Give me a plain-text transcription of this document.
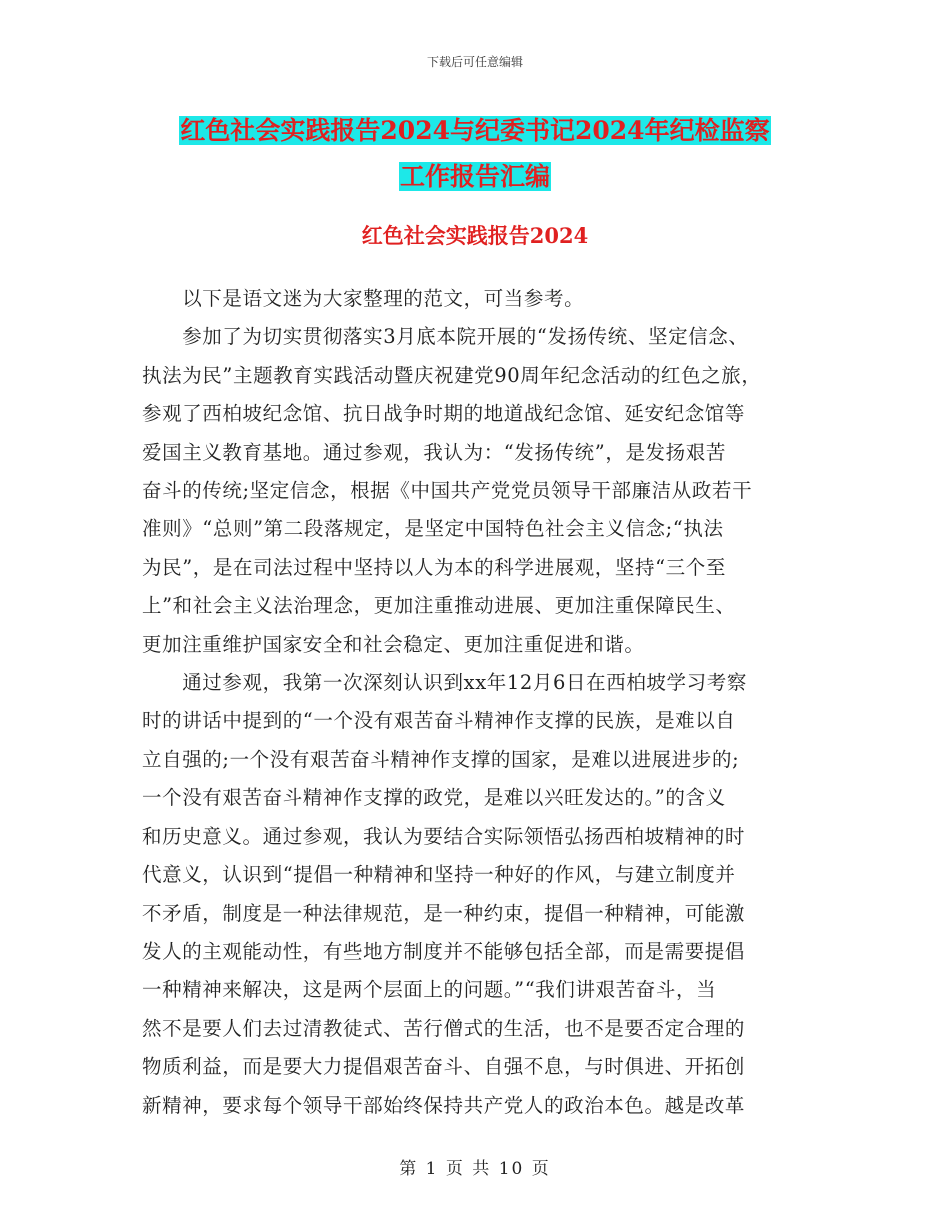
下载后可任意编辑
红色社会实践报告2024与纪委书记2024年纪检监察
工作报告汇编
红色社会实践报告2024

　　以下是语文迷为大家整理的范文，可当参考。

　　参加了为切实贯彻落实3月底本院开展的“发扬传统、坚定信念、

执法为民”主题教育实践活动暨庆祝建党90周年纪念活动的红色之旅，

参观了西柏坡纪念馆、抗日战争时期的地道战纪念馆、延安纪念馆等

爱国主义教育基地。通过参观，我认为：“发扬传统”，是发扬艰苦

奋斗的传统;坚定信念，根据《中国共产党党员领导干部廉洁从政若干

准则》“总则”第二段落规定，是坚定中国特色社会主义信念;“执法

为民”，是在司法过程中坚持以人为本的科学进展观，坚持“三个至

上”和社会主义法治理念，更加注重推动进展、更加注重保障民生、

更加注重维护国家安全和社会稳定、更加注重促进和谐。

　　通过参观，我第一次深刻认识到xx年12月6日在西柏坡学习考察

时的讲话中提到的“一个没有艰苦奋斗精神作支撑的民族，是难以自

立自强的;一个没有艰苦奋斗精神作支撑的国家，是难以进展进步的;

一个没有艰苦奋斗精神作支撑的政党，是难以兴旺发达的。”的含义

和历史意义。通过参观，我认为要结合实际领悟弘扬西柏坡精神的时

代意义，认识到“提倡一种精神和坚持一种好的作风，与建立制度并

不矛盾，制度是一种法律规范，是一种约束，提倡一种精神，可能激

发人的主观能动性，有些地方制度并不能够包括全部，而是需要提倡

一种精神来解决，这是两个层面上的问题。”“我们讲艰苦奋斗，当

然不是要人们去过清教徒式、苦行僧式的生活，也不是要否定合理的

物质利益，而是要大力提倡艰苦奋斗、自强不息，与时俱进、开拓创

新精神，要求每个领导干部始终保持共产党人的政治本色。越是改革

第 1 页 共 10 页
